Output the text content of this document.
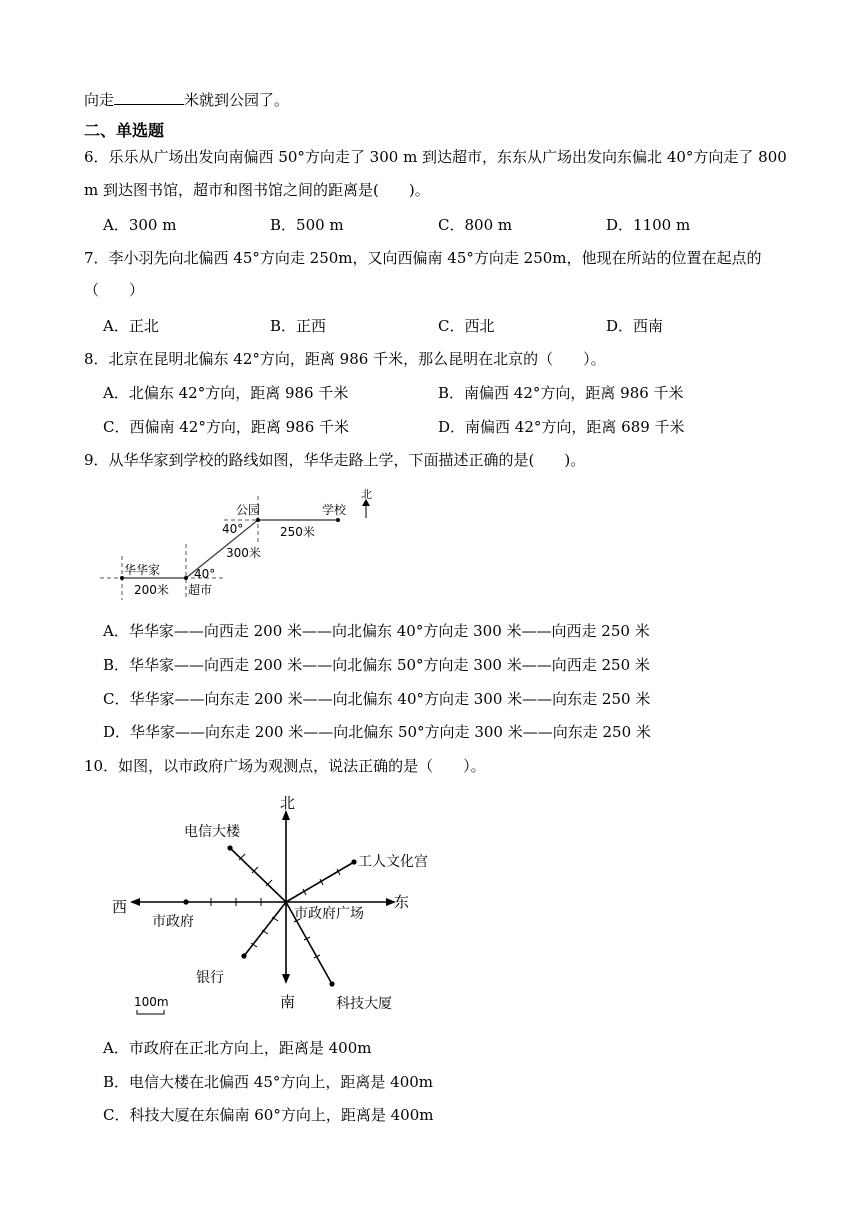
向走	米就到公园了。
二、单选题
6．乐乐从广场出发向南偏西 50°方向走了 300 m 到达超市，东东从广场出发向东偏北 40°方向走了 800
m 到达图书馆，超市和图书馆之间的距离是(　　)。
A．300 m	B．500 m	C．800 m	D．1100 m
7．李小羽先向北偏西 45°方向走 250m，又向西偏南 45°方向走 250m，他现在所站的位置在起点的
（　　）
A．正北	B．正西	C．西北	D．西南
8．北京在昆明北偏东 42°方向，距离 986 千米，那么昆明在北京的（　　）。
A．北偏东 42°方向，距离 986 千米	B．南偏西 42°方向，距离 986 千米
C．西偏南 42°方向，距离 986 千米	D．南偏西 42°方向，距离 689 千米
9．从华华家到学校的路线如图，华华走路上学，下面描述正确的是(　　)。
北
公园	学校
250米
40°
300米
40°
华华家
200米 超市
A．华华家——向西走 200 米——向北偏东 40°方向走 300 米——向西走 250 米
B．华华家——向西走 200 米——向北偏东 50°方向走 300 米——向西走 250 米
C．华华家——向东走 200 米——向北偏东 40°方向走 300 米——向东走 250 米
D．华华家——向东走 200 米——向北偏东 50°方向走 300 米——向东走 250 米
10．如图，以市政府广场为观测点，说法正确的是（　　）。
北
南
东
西	市政府广场
电信大楼
工人文化宫
市政府
银行
科技大厦
100m
A．市政府在正北方向上，距离是 400m
B．电信大楼在北偏西 45°方向上，距离是 400m
C．科技大厦在东偏南 60°方向上，距离是 400m
